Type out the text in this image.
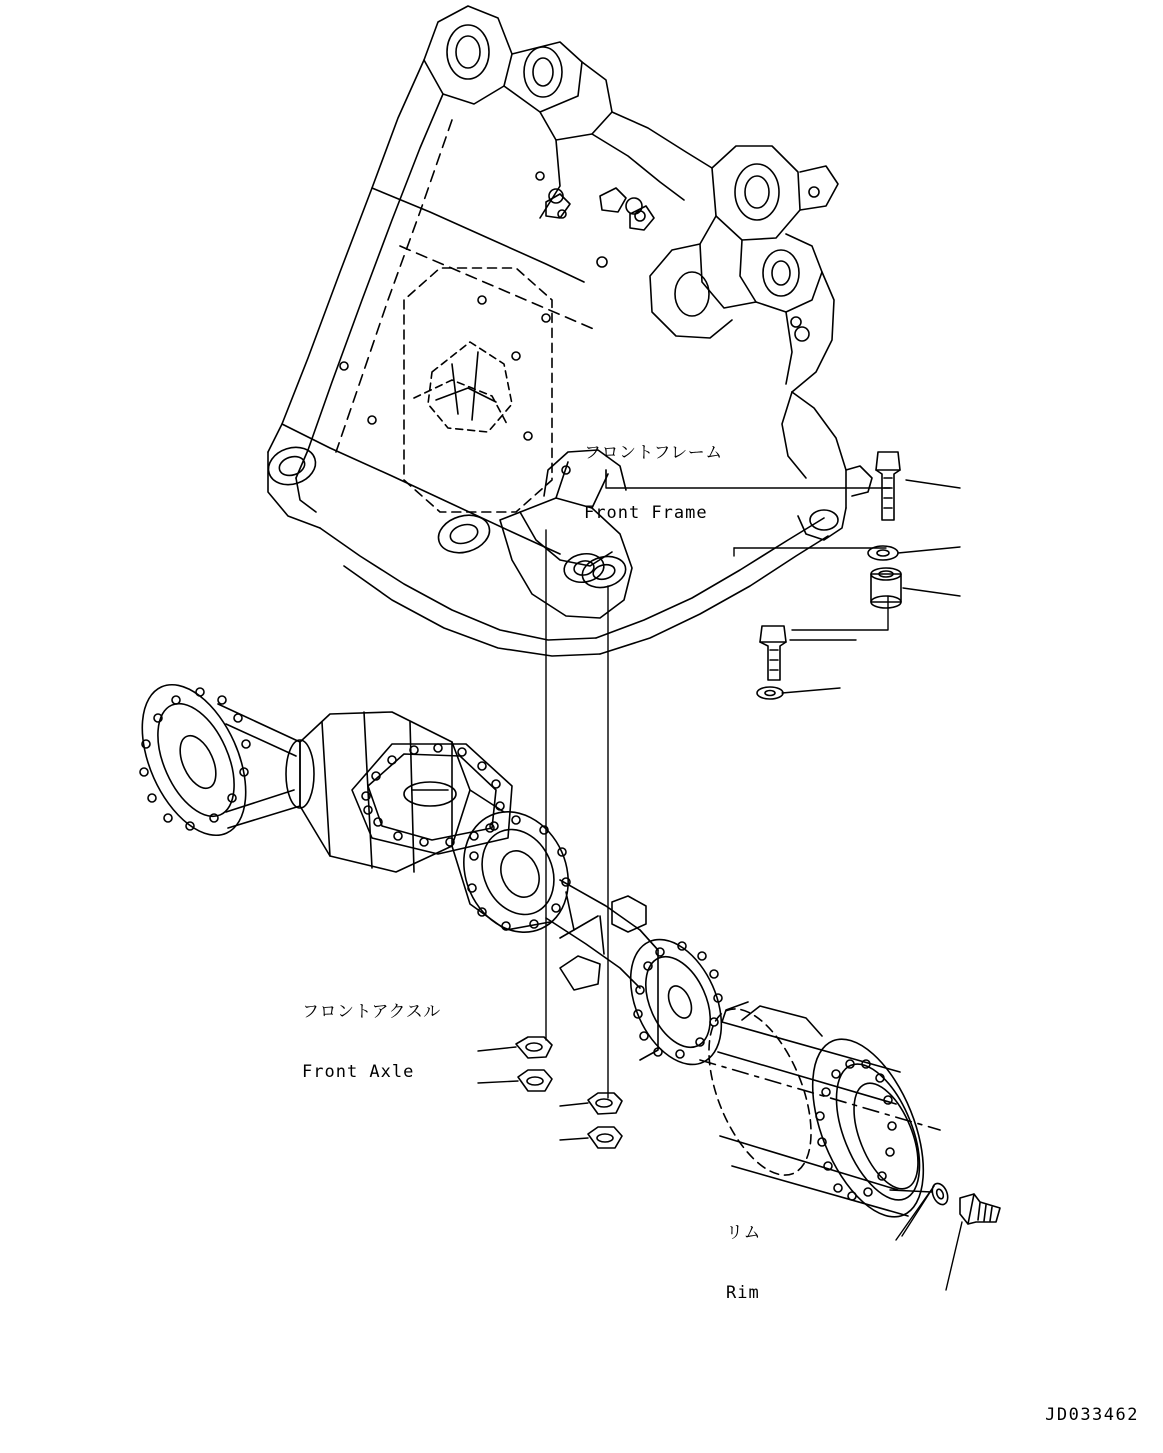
フロントフレーム

Front Frame

フロントアクスル

Front Axle

リム

Rim

JD033462
